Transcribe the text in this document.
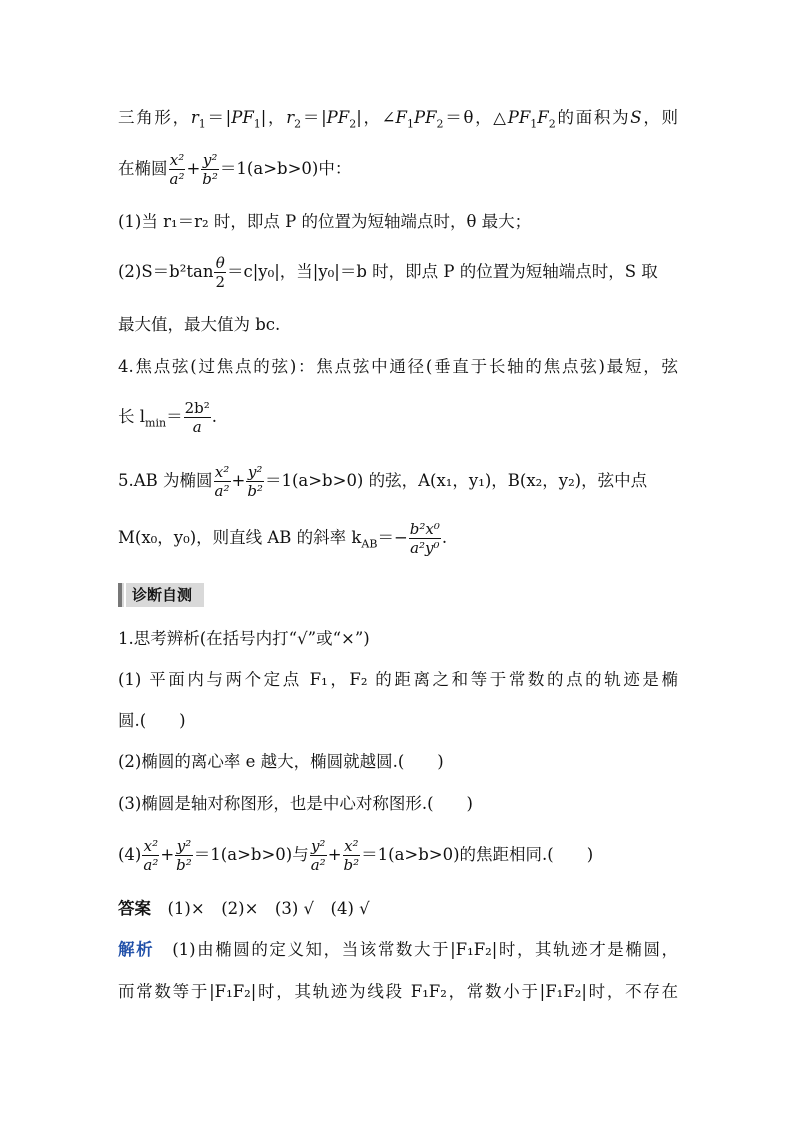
三角形，$r_1=|PF_1|$，$r_2=|PF_2|$，$\angle F_1PF_2=\theta$，$\triangle PF_1F_2$的面积为S，则
在椭圆 $\frac{\text{x²}}{\text{a²}} + \frac{\text{y²}}{\text{b²}} =1(a>b>0)$中：
(1)当 r₁＝r₂ 时，即点 P 的位置为短轴端点时，θ 最大；
$(2)S=b^2\tan \frac{\theta}{2} =c|y_0|$，当|y₀|＝b 时，即点 P 的位置为短轴端点时，S 取
最大值，最大值为 bc.
4.焦点弦(过焦点的弦)：焦点弦中通径(垂直于长轴的焦点弦)最短，弦
长 $l_{min}= \frac{\text{2b²}}{a}$ .
5.AB 为椭圆 $\frac{\text{x²}}{\text{a²}} + \frac{\text{y²}}{\text{b²}} =1(a>b>0)$ 的弦，A(x₁，y₁)，B(x₂，y₂)，弦中点
M(x₀，y₀)，则直线 AB 的斜率 $k_{AB}=- \frac{\text{b²x⁰}}{\text{a²y⁰}}$ .
诊断自测
1.思考辨析(在括号内打“√”或“×”)
(1) 平面内与两个定点 F₁，F₂ 的距离之和等于常数的点的轨迹是椭
圆.(　　)
(2)椭圆的离心率 e 越大，椭圆就越圆.(　　)
(3)椭圆是轴对称图形，也是中心对称图形.(　　)
$(4) \frac{\text{x²}}{\text{a²}} + \frac{\text{y²}}{\text{b²}} =1(a>b>0)$与 $\frac{\text{y²}}{\text{a²}} + \frac{\text{x²}}{\text{b²}} =1(a>b>0)$的焦距相同.(　　)
答案　 (1)×　(2)×　(3) √　(4) √
解析　 (1)由椭圆的定义知，当该常数大于|F₁F₂|时，其轨迹才是椭圆，
而常数等于|F₁F₂|时，其轨迹为线段 F₁F₂，常数小于|F₁F₂|时，不存在
